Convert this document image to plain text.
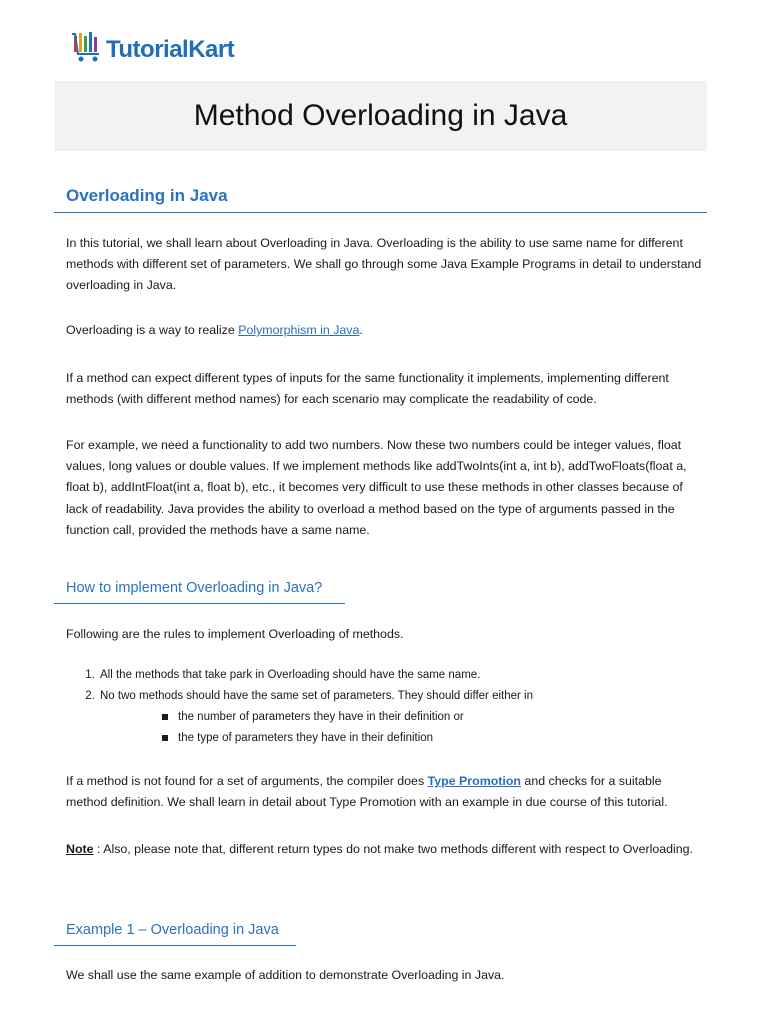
TutorialKart
Method Overloading in Java
Overloading in Java

In this tutorial, we shall learn about Overloading in Java. Overloading is the ability to use same name for different methods with different set of parameters. We shall go through some Java Example Programs in detail to understand overloading in Java.

Overloading is a way to realize Polymorphism in Java.

If a method can expect different types of inputs for the same functionality it implements, implementing different methods (with different method names) for each scenario may complicate the readability of code.

For example, we need a functionality to add two numbers. Now these two numbers could be integer values, float values, long values or double values. If we implement methods like addTwoInts(int a, int b), addTwoFloats(float a, float b), addIntFloat(int a, float b), etc., it becomes very difficult to use these methods in other classes because of lack of readability. Java provides the ability to overload a method based on the type of arguments passed in the function call, provided the methods have a same name.

How to implement Overloading in Java?

Following are the rules to implement Overloading of methods.

1. All the methods that take park in Overloading should have the same name.
2. No two methods should have the same set of parameters. They should differ either in
the number of parameters they have in their definition or
the type of parameters they have in their definition

If a method is not found for a set of arguments, the compiler does Type Promotion and checks for a suitable method definition. We shall learn in detail about Type Promotion with an example in due course of this tutorial.

Note : Also, please note that, different return types do not make two methods different with respect to Overloading.

Example 1 – Overloading in Java

We shall use the same example of addition to demonstrate Overloading in Java.
